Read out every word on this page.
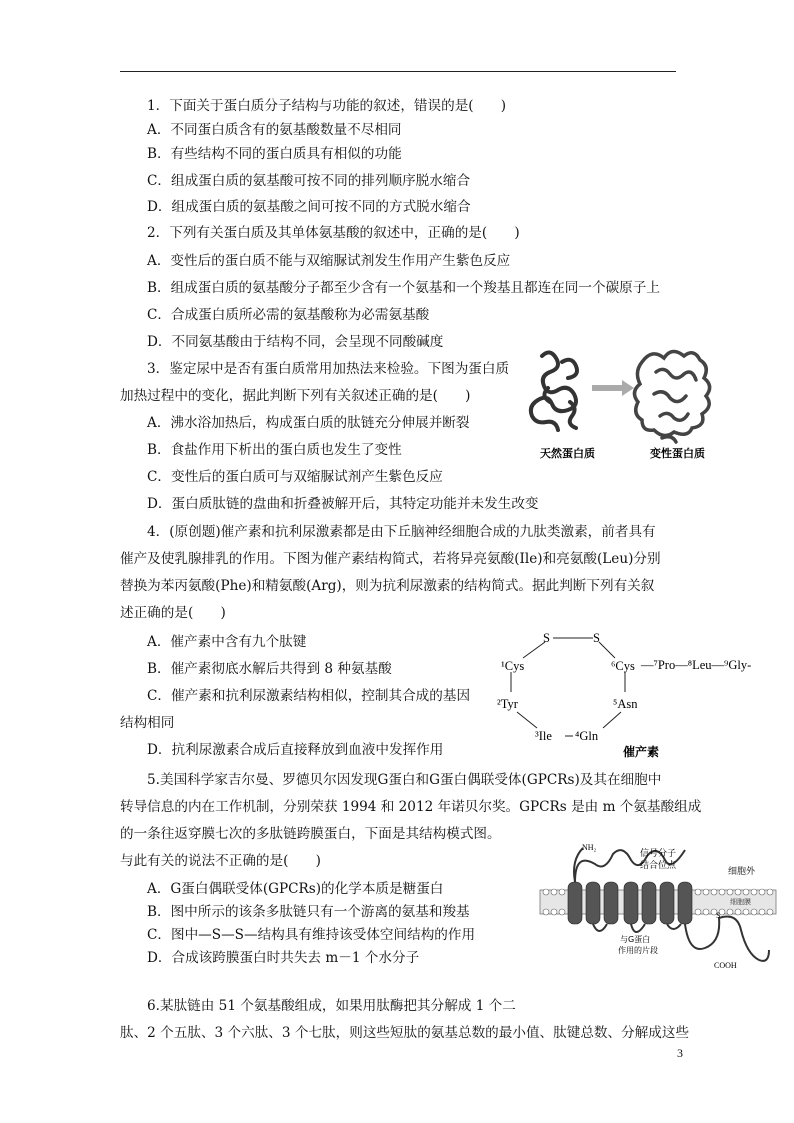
1．下面关于蛋白质分子结构与功能的叙述，错误的是(　　)
A．不同蛋白质含有的氨基酸数量不尽相同
B．有些结构不同的蛋白质具有相似的功能
C．组成蛋白质的氨基酸可按不同的排列顺序脱水缩合
D．组成蛋白质的氨基酸之间可按不同的方式脱水缩合
2．下列有关蛋白质及其单体氨基酸的叙述中，正确的是(　　)
A．变性后的蛋白质不能与双缩脲试剂发生作用产生紫色反应
B．组成蛋白质的氨基酸分子都至少含有一个氨基和一个羧基且都连在同一个碳原子上
C．合成蛋白质所必需的氨基酸称为必需氨基酸
D．不同氨基酸由于结构不同，会呈现不同酸碱度
3．鉴定尿中是否有蛋白质常用加热法来检验。下图为蛋白质
加热过程中的变化，据此判断下列有关叙述正确的是(　　)
A．沸水浴加热后，构成蛋白质的肽链充分伸展并断裂
B．食盐作用下析出的蛋白质也发生了变性
C．变性后的蛋白质可与双缩脲试剂产生紫色反应
D．蛋白质肽链的盘曲和折叠被解开后，其特定功能并未发生改变
天然蛋白质	变性蛋白质
4．(原创题)催产素和抗利尿激素都是由下丘脑神经细胞合成的九肽类激素，前者具有
催产及使乳腺排乳的作用。下图为催产素结构简式，若将异亮氨酸(Ile)和亮氨酸(Leu)分别
替换为苯丙氨酸(Phe)和精氨酸(Arg)，则为抗利尿激素的结构简式。据此判断下列有关叙
述正确的是(　　)
A．催产素中含有九个肽键
B．催产素彻底水解后共得到 8 种氨基酸
C．催产素和抗利尿激素结构相似，控制其合成的基因
结构相同
D．抗利尿激素合成后直接释放到血液中发挥作用
S	S
¹Cys	⁶Cys —⁷Pro—⁸Leu—⁹Gly-
²Tyr	⁵Asn
³Ile ⁴Gln
催产素
5.美国科学家吉尔曼、罗德贝尔因发现G蛋白和G蛋白偶联受体(GPCRs)及其在细胞中
转导信息的内在工作机制，分别荣获 1994 和 2012 年诺贝尔奖。GPCRs 是由 m 个氨基酸组成
的一条往返穿膜七次的多肽链跨膜蛋白，下面是其结构模式图。
与此有关的说法不正确的是(　　)
A．G蛋白偶联受体(GPCRs)的化学本质是糖蛋白
B．图中所示的该条多肽链只有一个游离的氨基和羧基
C．图中—S—S—结构具有维持该受体空间结构的作用
D．合成该跨膜蛋白时共失去 m－1 个水分子
NH₂
信号分子
结合位点
细胞外
细胞膜
与G蛋白
作用的片段
S
COOH
6.某肽链由 51 个氨基酸组成，如果用肽酶把其分解成 1 个二
肽、2 个五肽、3 个六肽、3 个七肽，则这些短肽的氨基总数的最小值、肽键总数、分解成这些
3
